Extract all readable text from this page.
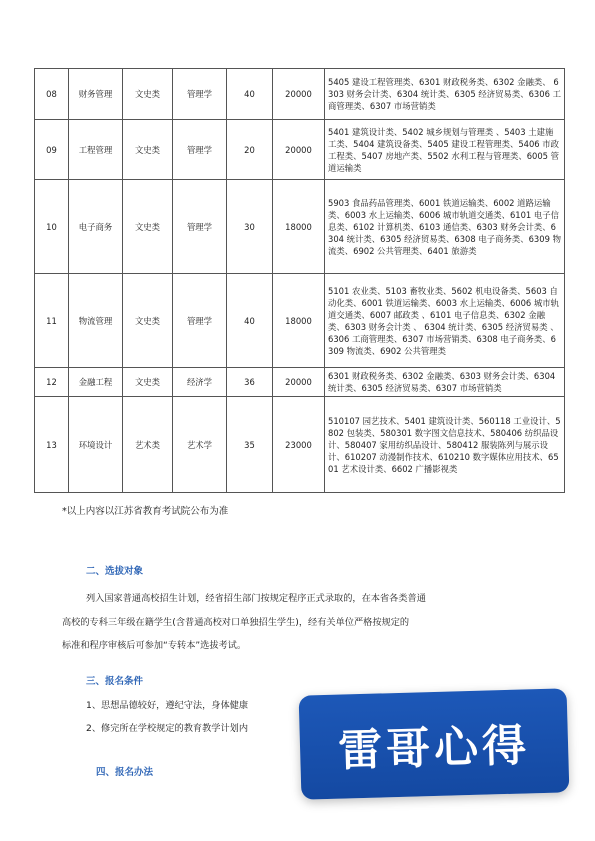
08	财务管理	文史类	管理学	40	20000	5405 建设工程管理类、6301 财政税务类、6302 金融类、 6303 财务会计类、6304 统计类、6305 经济贸易类、6306 工商管理类、6307 市场营销类
09	工程管理	文史类	管理学	20	20000	5401 建筑设计类、5402 城乡规划与管理类 、5403 土建施工类、5404 建筑设备类、5405 建设工程管理类、5406 市政工程类、5407 房地产类、5502 水利工程与管理类、6005 管道运输类
10	电子商务	文史类	管理学	30	18000	5903 食品药品管理类、6001 铁道运输类、6002 道路运输类、6003 水上运输类、6006 城市轨道交通类、6101 电子信息类、6102 计算机类、6103 通信类、6303 财务会计类、6304 统计类、6305 经济贸易类、6308 电子商务类、6309 物流类、6902 公共管理类、6401 旅游类
11	物流管理	文史类	管理学	40	18000	5101 农业类、5103 畜牧业类、5602 机电设备类、5603 自动化类、6001 铁道运输类、6003 水上运输类、6006 城市轨道交通类、6007 邮政类 、6101 电子信息类、6302 金融类、6303 财务会计类 、 6304 统计类、6305 经济贸易类 、6306 工商管理类、6307 市场营销类、6308 电子商务类、6309 物流类、6902 公共管理类
12	金融工程	文史类	经济学	36	20000	6301 财政税务类、6302 金融类、6303 财务会计类、6304 统计类、6305 经济贸易类、6307 市场营销类
13	环境设计	艺术类	艺术学	35	23000	510107 园艺技术、5401 建筑设计类、560118 工业设计、5802 包装类、580301 数字图文信息技术、580406 纺织品设计、580407 家用纺织品设计、580412 服装陈列与展示设计、610207 动漫制作技术、610210 数字媒体应用技术、6501 艺术设计类、6602 广播影视类
*以上内容以江苏省教育考试院公布为准
二、选拔对象
列入国家普通高校招生计划，经省招生部门按规定程序正式录取的，在本省各类普通
高校的专科三年级在籍学生(含普通高校对口单独招生学生)，经有关单位严格按规定的
标准和程序审核后可参加“专转本”选拔考试。
三、报名条件
1、思想品德较好，遵纪守法，身体健康
2、修完所在学校规定的教育教学计划内
四、报名办法	雷哥心得
